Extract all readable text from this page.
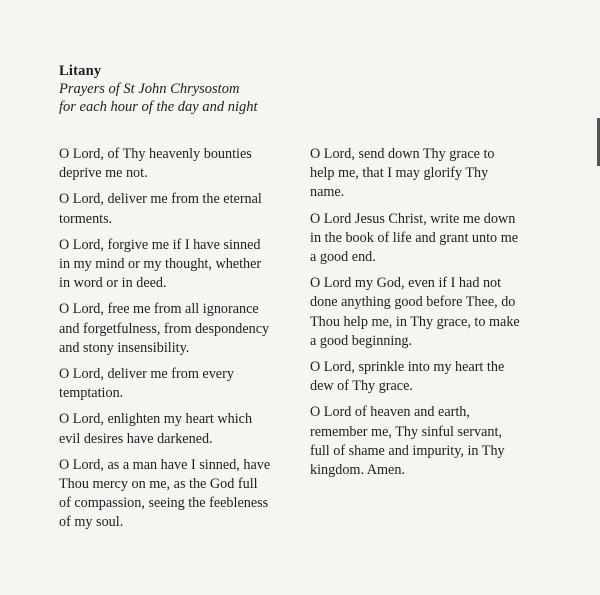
Litany
Prayers of St John Chrysostom
for each hour of the day and night

O Lord, of Thy heavenly bounties
deprive me not.

O Lord, deliver me from the eternal
torments.

O Lord, forgive me if I have sinned
in my mind or my thought, whether
in word or in deed.

O Lord, free me from all ignorance
and forgetfulness, from despondency
and stony insensibility.

O Lord, deliver me from every
temptation.

O Lord, enlighten my heart which
evil desires have darkened.

O Lord, as a man have I sinned, have
Thou mercy on me, as the God full
of compassion, seeing the feebleness
of my soul.

O Lord, send down Thy grace to
help me, that I may glorify Thy
name.

O Lord Jesus Christ, write me down
in the book of life and grant unto me
a good end.

O Lord my God, even if I had not
done anything good before Thee, do
Thou help me, in Thy grace, to make
a good beginning.

O Lord, sprinkle into my heart the
dew of Thy grace.

O Lord of heaven and earth,
remember me, Thy sinful servant,
full of shame and impurity, in Thy
kingdom. Amen.
